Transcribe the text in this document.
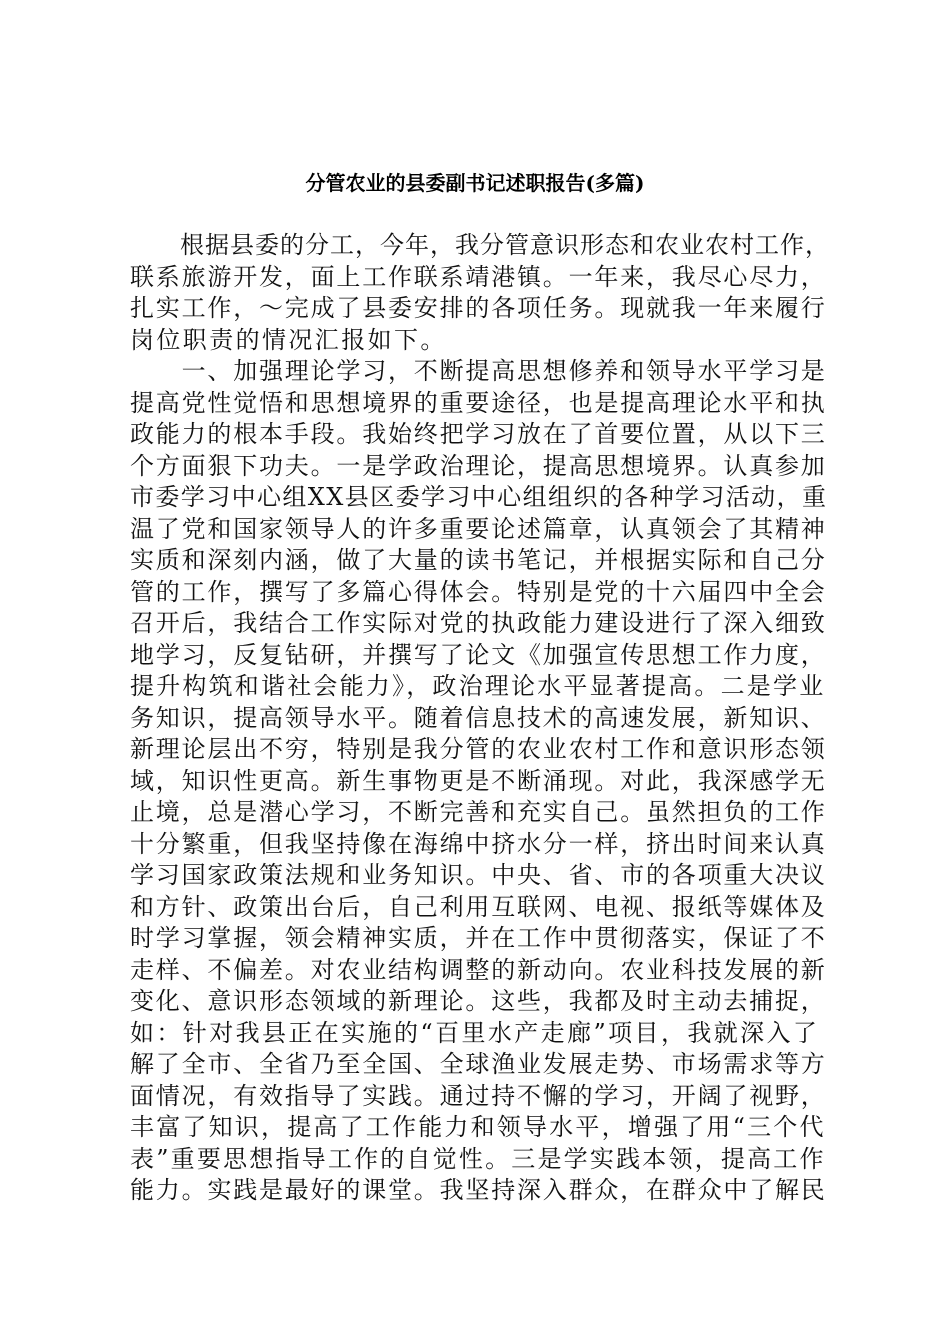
分管农业的县委副书记述职报告(多篇)
　　根据县委的分工，今年，我分管意识形态和农业农村工作，
联系旅游开发，面上工作联系靖港镇。一年来，我尽心尽力，
扎实工作，～完成了县委安排的各项任务。现就我一年来履行
岗位职责的情况汇报如下。
　　一、加强理论学习，不断提高思想修养和领导水平学习是
提高党性觉悟和思想境界的重要途径，也是提高理论水平和执
政能力的根本手段。我始终把学习放在了首要位置，从以下三
个方面狠下功夫。一是学政治理论，提高思想境界。认真参加
市委学习中心组XX县区委学习中心组组织的各种学习活动，重
温了党和国家领导人的许多重要论述篇章，认真领会了其精神
实质和深刻内涵，做了大量的读书笔记，并根据实际和自己分
管的工作，撰写了多篇心得体会。特别是党的十六届四中全会
召开后，我结合工作实际对党的执政能力建设进行了深入细致
地学习，反复钻研，并撰写了论文《加强宣传思想工作力度，
提升构筑和谐社会能力》，政治理论水平显著提高。二是学业
务知识，提高领导水平。随着信息技术的高速发展，新知识、
新理论层出不穷，特别是我分管的农业农村工作和意识形态领
域，知识性更高。新生事物更是不断涌现。对此，我深感学无
止境，总是潜心学习，不断完善和充实自己。虽然担负的工作
十分繁重，但我坚持像在海绵中挤水分一样，挤出时间来认真
学习国家政策法规和业务知识。中央、省、市的各项重大决议
和方针、政策出台后，自己利用互联网、电视、报纸等媒体及
时学习掌握，领会精神实质，并在工作中贯彻落实，保证了不
走样、不偏差。对农业结构调整的新动向。农业科技发展的新
变化、意识形态领域的新理论。这些，我都及时主动去捕捉，
如：针对我县正在实施的“百里水产走廊”项目，我就深入了
解了全市、全省乃至全国、全球渔业发展走势、市场需求等方
面情况，有效指导了实践。通过持不懈的学习，开阔了视野，
丰富了知识，提高了工作能力和领导水平，增强了用“三个代
表”重要思想指导工作的自觉性。三是学实践本领，提高工作
能力。实践是最好的课堂。我坚持深入群众，在群众中了解民
